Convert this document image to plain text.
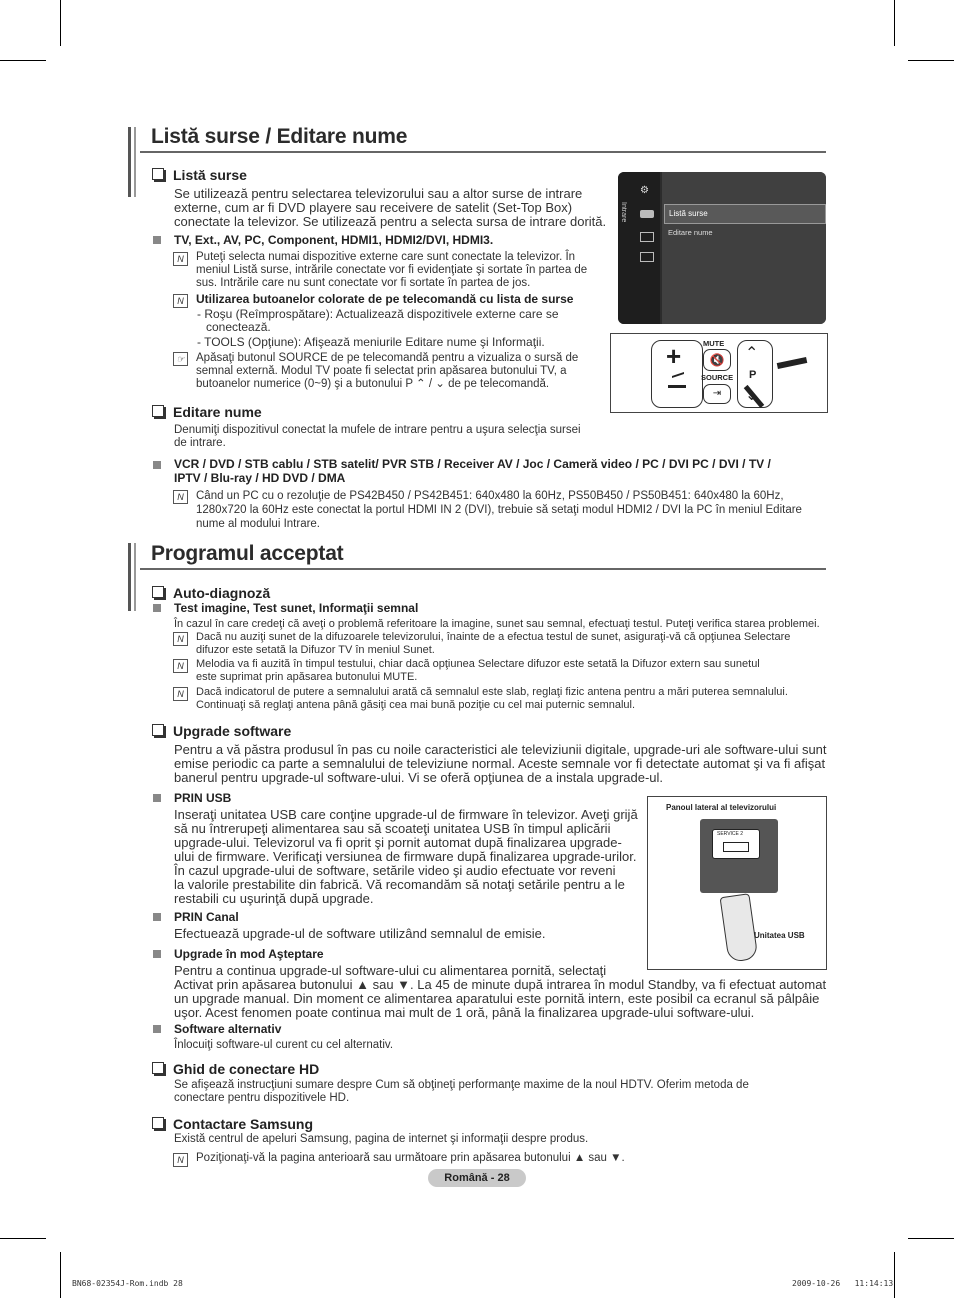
Listă surse / Editare nume
Listă surse
Se utilizează pentru selectarea televizorului sau a altor surse de intrare
externe, cum ar fi DVD playere sau receivere de satelit (Set-Top Box)
conectate la televizor. Se utilizează pentru a selecta sursa de intrare dorită.
TV, Ext., AV, PC, Component, HDMI1, HDMI2/DVI, HDMI3.
N	Puteţi selecta numai dispozitive externe care sunt conectate la televizor. În
meniul Listă surse, intrările conectate vor fi evidenţiate şi sortate în partea de
sus. Intrările care nu sunt conectate vor fi sortate în partea de jos.
N	Utilizarea butoanelor colorate de pe telecomandă cu lista de surse
- Roşu (Reîmprospătare): Actualizează dispozitivele externe care se
conectează.
- TOOLS (Opţiune): Afişează meniurile Editare nume şi Informaţii.
☞ Apăsaţi butonul SOURCE de pe telecomandă pentru a vizualiza o sursă de
semnal externă. Modul TV poate fi selectat prin apăsarea butonului TV, a
butoanelor numerice (0~9) şi a butonului P ⌃ / ⌄ de pe telecomandă.
Intrare
⚙
Listă surse
Editare nume
+	MUTE
🔇
SOURCE
⇥
⌃
P
⌄
Editare nume
Denumiţi dispozitivul conectat la mufele de intrare pentru a uşura selecţia sursei
de intrare.
VCR / DVD / STB cablu / STB satelit/ PVR STB / Receiver AV / Joc / Cameră video / PC / DVI PC / DVI / TV /
IPTV / Blu-ray / HD DVD / DMA
N	Când un PC cu o rezoluţie de PS42B450 / PS42B451: 640x480 la 60Hz, PS50B450 / PS50B451: 640x480 la 60Hz,
1280x720 la 60Hz este conectat la portul HDMI IN 2 (DVI), trebuie să setaţi modul HDMI2 / DVI la PC în meniul Editare
nume al modului Intrare.
Programul acceptat
Auto-diagnoză
Test imagine, Test sunet, Informaţii semnal
În cazul în care credeţi că aveţi o problemă referitoare la imagine, sunet sau semnal, efectuaţi testul. Puteţi verifica starea problemei.
N	Dacă nu auziţi sunet de la difuzoarele televizorului, înainte de a efectua testul de sunet, asiguraţi-vă că opţiunea Selectare
difuzor este setată la Difuzor TV în meniul Sunet.
N	Melodia va fi auzită în timpul testului, chiar dacă opţiunea Selectare difuzor este setată la Difuzor extern sau sunetul
este suprimat prin apăsarea butonului MUTE.
N	Dacă indicatorul de putere a semnalului arată că semnalul este slab, reglaţi fizic antena pentru a mări puterea semnalului.
Continuaţi să reglaţi antena până găsiţi cea mai bună poziţie cu cel mai puternic semnalul.
Upgrade software
Pentru a vă păstra produsul în pas cu noile caracteristici ale televiziunii digitale, upgrade-uri ale software-ului sunt
emise periodic ca parte a semnalului de televiziune normal. Aceste semnale vor fi detectate automat şi va fi afişat
banerul pentru upgrade-ul software-ului. Vi se oferă opţiunea de a instala upgrade-ul.
PRIN USB
Inseraţi unitatea USB care conţine upgrade-ul de firmware în televizor. Aveţi grijă
să nu întrerupeţi alimentarea sau să scoateţi unitatea USB în timpul aplicării
upgrade-ului. Televizorul va fi oprit şi pornit automat după finalizarea upgrade-
ului de firmware. Verificaţi versiunea de firmware după finalizarea upgrade-urilor.
În cazul upgrade-ului de software, setările video şi audio efectuate vor reveni
la valorile prestabilite din fabrică. Vă recomandăm să notaţi setările pentru a le
restabili cu uşurinţă după upgrade.
Panoul lateral al televizorului
SERVICE 2
Unitatea USB
PRIN Canal
Efectuează upgrade-ul de software utilizând semnalul de emisie.
Upgrade în mod Aşteptare
Pentru a continua upgrade-ul software-ului cu alimentarea pornită, selectaţi
Activat prin apăsarea butonului ▲ sau ▼. La 45 de minute după intrarea în modul Standby, va fi efectuat automat
un upgrade manual. Din moment ce alimentarea aparatului este pornită intern, este posibil ca ecranul să pâlpâie
uşor. Acest fenomen poate continua mai mult de 1 oră, până la finalizarea upgrade-ului software-ului.
Software alternativ
Înlocuiţi software-ul curent cu cel alternativ.
Ghid de conectare HD
Se afişează instrucţiuni sumare despre Cum să obţineţi performanţe maxime de la noul HDTV. Oferim metoda de
conectare pentru dispozitivele HD.
Contactare Samsung
Există centrul de apeluri Samsung, pagina de internet şi informaţii despre produs.
N	Poziţionaţi-vă la pagina anterioară sau următoare prin apăsarea butonului ▲ sau ▼.
Română - 28
BN68-02354J-Rom.indb 28	2009-10-26 ￼ 11:14:13
